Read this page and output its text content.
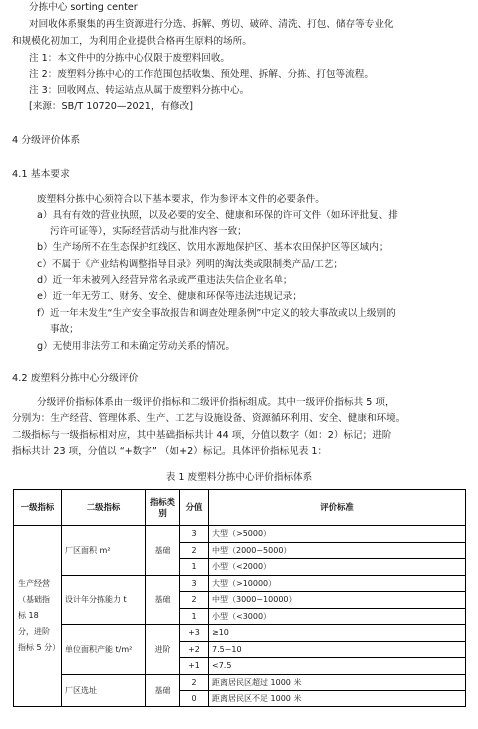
分拣中心 sorting center
对回收体系聚集的再生资源进行分选、拆解、剪切、破碎、清洗、打包、储存等专业化
和规模化初加工，为利用企业提供合格再生原料的场所。
注 1：本文件中的分拣中心仅限于废塑料回收。
注 2：废塑料分拣中心的工作范围包括收集、预处理、拆解、分拣、打包等流程。
注 3：回收网点、转运站点从属于废塑料分拣中心。
[来源：SB/T 10720—2021，有修改]
4 分级评价体系
4.1 基本要求
废塑料分拣中心须符合以下基本要求，作为参评本文件的必要条件。
a）具有有效的营业执照，以及必要的安全、健康和环保的许可文件（如环评批复、排
污许可证等），实际经营活动与批准内容一致；
b）生产场所不在生态保护红线区、饮用水源地保护区、基本农田保护区等区域内；
c）不属于《产业结构调整指导目录》列明的淘汰类或限制类产品/工艺；
d）近一年未被列入经营异常名录或严重违法失信企业名单；
e）近一年无劳工、财务、安全、健康和环保等违法违规记录；
f）近一年未发生“生产安全事故报告和调查处理条例”中定义的较大事故或以上级别的
事故；
g）无使用非法劳工和未确定劳动关系的情况。
4.2 废塑料分拣中心分级评价
分级评价指标体系由一级评价指标和二级评价指标组成。其中一级评价指标共 5 项，
分别为：生产经营、管理体系、生产、工艺与设施设备、资源循环利用、安全、健康和环境。
二级指标与一级指标相对应，其中基础指标共计 44 项，分值以数字（如：2）标记；进阶
指标共计 23 项，分值以 “+数字” （如+2）标记。具体评价指标见表 1：
表 1 废塑料分拣中心评价指标体系
一级指标	二级指标	指标类别	分值	评价标准
生产经营（基础指标 18 分，进阶指标 5 分）	厂区面积 m²	基础	3	大型（>5000）
			2	中型（2000~5000）
			1	小型（<2000）
	设计年分拣能力 t	基础	3	大型（>10000）
			2	中型（3000~10000）
			1	小型（<3000）
	单位面积产能 t/m²	进阶	+3	≥10
			+2	7.5~10
			+1	<7.5
	厂区选址	基础	2	距离居民区超过 1000 米
			0	距离居民区不足 1000 米
